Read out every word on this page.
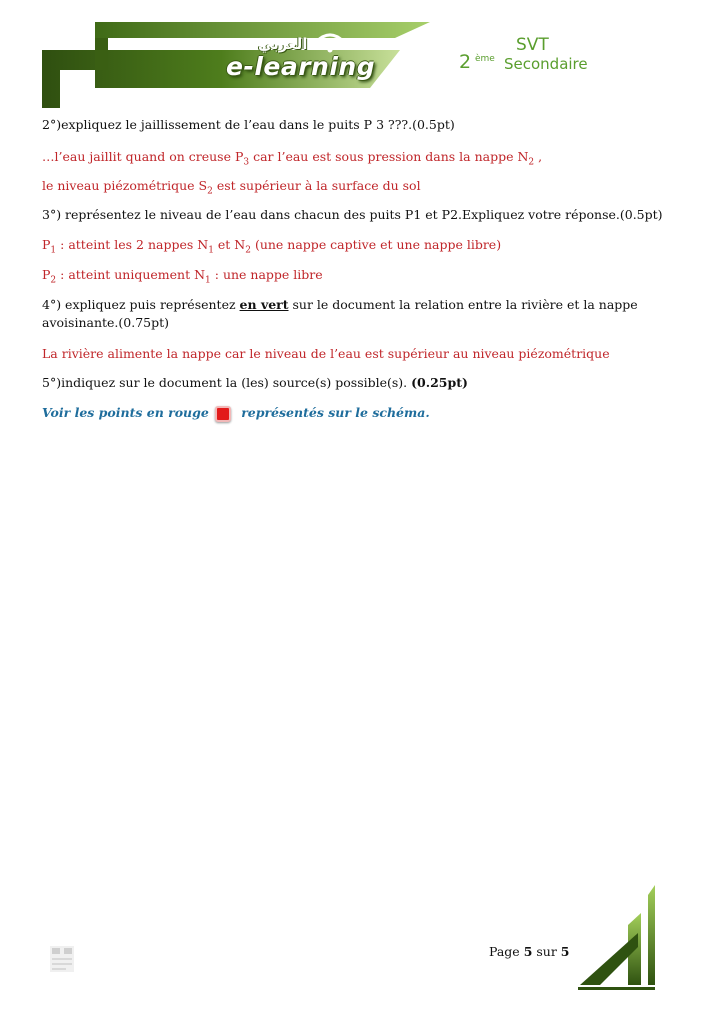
العربي
e-learning
SVT
2 ème Secondaire

2°)expliquez le jaillissement de l’eau dans le puits P 3 ???.(0.5pt)

…l’eau jaillit quand on creuse $P_3$ car l’eau est sous pression dans la nappe $N_2$ ,

le niveau piézométrique $S_2$ est supérieur à la surface du sol

3°) représentez le niveau de l’eau dans chacun des puits P1 et P2.Expliquez votre réponse.(0.5pt)

$P_1$ : atteint les 2 nappes $N_1$ et $N_2$ (une nappe captive et une nappe libre)

$P_2$ : atteint uniquement $N_1$ : une nappe libre

4°) expliquez puis représentez en vert sur le document la relation entre la rivière et la nappe avoisinante.(0.75pt)

La rivière alimente la nappe car le niveau de l’eau est supérieur au niveau piézométrique

5°)indiquez sur le document la (les) source(s) possible(s). (0.25pt)

Voir les points en rouge représentés sur le schéma.

Page 5 sur 5
